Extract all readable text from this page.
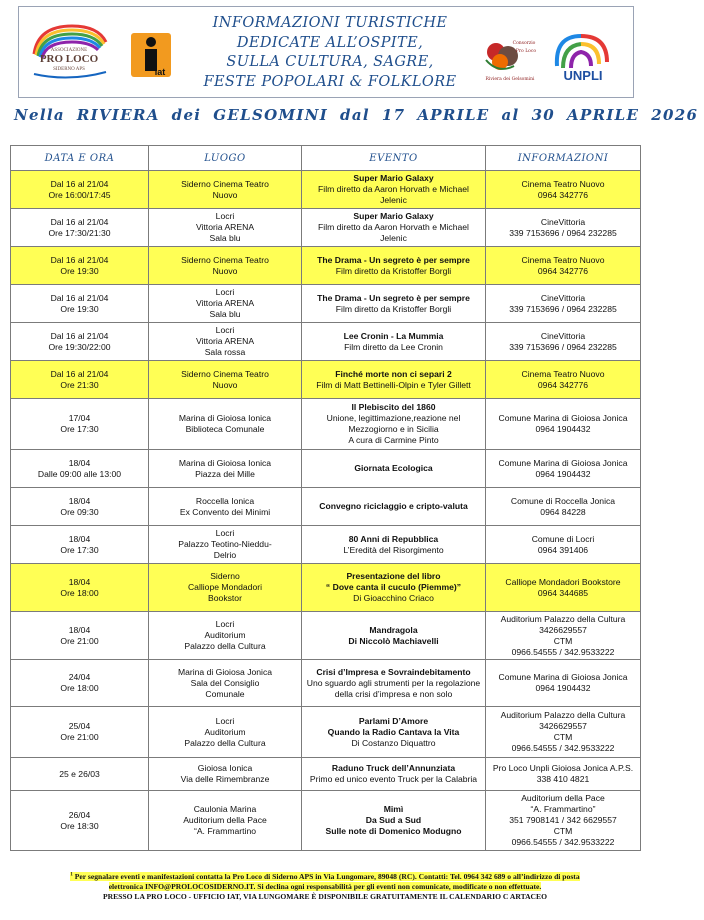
ASSOCIAZIONE
PRO LOCO
SIDERNO APS	iat
INFORMAZIONI TURISTICHE
DEDICATE ALL’OSPITE,
SULLA CULTURA, SAGRE,
FESTE POPOLARI & FOLKLORE
Consorzio
Pro Loco
Riviera dei Gelsomini UNPLI
Nella RIVIERA dei GELSOMINI dal 17 APRILE al 30 APRILE 2026
DATA E ORA	LUOGO	EVENTO	INFORMAZIONI

Dal 16 al 21/04
Ore 16:00/17:45	Siderno Cinema Teatro
Nuovo	Super Mario Galaxy
Film diretto da Aaron Horvath e Michael
Jelenic	Cinema Teatro Nuovo
0964 342776

Dal 16 al 21/04
Ore 17:30/21:30	Locri
Vittoria ARENA
Sala blu	Super Mario Galaxy
Film diretto da Aaron Horvath e Michael
Jelenic	CineVittoria
339 7153696 / 0964 232285

Dal 16 al 21/04
Ore 19:30	Siderno Cinema Teatro
Nuovo	The Drama - Un segreto è per sempre
Film diretto da Kristoffer Borgli	Cinema Teatro Nuovo
0964 342776

Dal 16 al 21/04
Ore 19:30	Locri
Vittoria ARENA
Sala blu	The Drama - Un segreto è per sempre
Film diretto da Kristoffer Borgli	CineVittoria
339 7153696 / 0964 232285

Dal 16 al 21/04
Ore 19:30/22:00	Locri
Vittoria ARENA
Sala rossa	Lee Cronin - La Mummia
Film diretto da Lee Cronin	CineVittoria
339 7153696 / 0964 232285

Dal 16 al 21/04
Ore 21:30	Siderno Cinema Teatro
Nuovo	Finché morte non ci separi 2
Film di Matt Bettinelli-Olpin e Tyler Gillett	Cinema Teatro Nuovo
0964 342776

17/04
Ore 17:30	Marina di Gioiosa Ionica
Biblioteca Comunale	Il Plebiscito del 1860
Unione, legittimazione,reazione nel
Mezzogiorno e in Sicilia
A cura di Carmine Pinto	Comune Marina di Gioiosa Jonica
0964 1904432

18/04
Dalle 09:00 alle 13:00	Marina di Gioiosa Ionica
Piazza dei Mille	Giornata Ecologica	Comune Marina di Gioiosa Jonica
0964 1904432

18/04
Ore 09:30	Roccella Ionica
Ex Convento dei Minimi	Convegno riciclaggio e cripto-valuta	Comune di Roccella Jonica
0964 84228

18/04
Ore 17:30	Locri
Palazzo Teotino-Nieddu-
Delrio	80 Anni di Repubblica
L’Eredità del Risorgimento	Comune di Locri
0964 391406

18/04
Ore 18:00	Siderno
Calliope Mondadori
Bookstor	Presentazione del libro
“ Dove canta il cuculo (Piemme)”
Di Gioacchino Criaco	Calliope Mondadori Bookstore
0964 344685

18/04
Ore 21:00	Locri
Auditorium
Palazzo della Cultura	Mandragola
Di Niccolò Machiavelli	Auditorium Palazzo della Cultura
3426629557
CTM
0966.54555 / 342.9533222

24/04
Ore 18:00	Marina di Gioiosa Jonica
Sala del Consiglio
Comunale	Crisi d’Impresa e Sovraindebitamento
Uno sguardo agli strumenti per la regolazione
della crisi d’impresa e non solo	Comune Marina di Gioiosa Jonica
0964 1904432

25/04
Ore 21:00	Locri
Auditorium
Palazzo della Cultura	Parlami D’Amore
Quando la Radio Cantava la Vita
Di Costanzo Diquattro	Auditorium Palazzo della Cultura
3426629557
CTM
0966.54555 / 342.9533222

25 e 26/03	Gioiosa Ionica
Via delle Rimembranze	Raduno Truck dell’Annunziata
Primo ed unico evento Truck per la Calabria	Pro Loco Unpli Gioiosa Jonica A.P.S.
338 410 4821

26/04
Ore 18:30	Caulonia Marina
Auditorium della Pace
“A. Frammartino	Mimì
Da Sud a Sud
Sulle note di Domenico Modugno	Auditorium della Pace
“A. Frammartino”
351 7908141 / 342 6629557
CTM
0966.54555 / 342.9533222
$^1$ Per segnalare eventi e manifestazioni contatta la Pro Loco di Siderno APS in Via Lungomare, 89048 (RC). Contatti: Tel. 0964 342 689 o all’indirizzo di posta
elettronica INFO@PROLOCOSIDERNO.IT. Si declina ogni responsabilità per gli eventi non comunicate, modificate o non effettuate.
PRESSO LA PRO LOCO - UFFICIO IAT, VIA LUNGOMARE È DISPONIBILE GRATUITAMENTE IL CALENDARIO C ARTACEO
